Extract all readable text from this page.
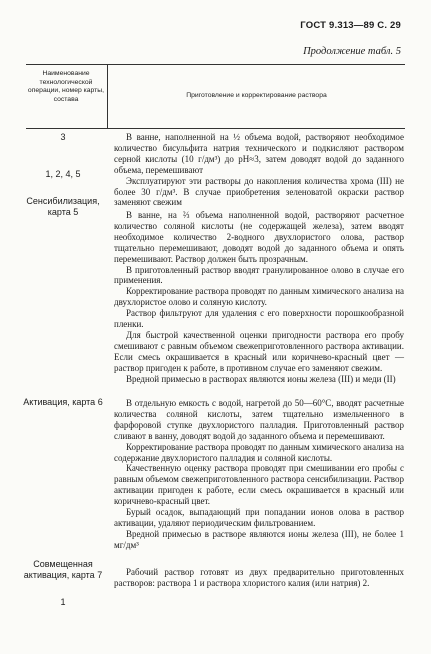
ГОСТ 9.313—89 С. 29
Продолжение табл. 5
Наименование технологической операции, номер карты, состава	Приготовление и корректирование раствора
3
1, 2, 4, 5
Сенсибилизация, карта 5
Активация, карта 6
Совмещенная активация, карта 7
1

В ванне, наполненной на ½ объема водой, растворяют необходимое количество бисульфита натрия технического и подкисляют раствором серной кислоты (10 г/дм³) до pH≈3, затем доводят водой до заданного объема, перемешивают

Эксплуатируют эти растворы до накопления количества хрома (III) не более 30 г/дм³. В случае приобретения зеленоватой окраски раствор заменяют свежим

В ванне, на ⅔ объема наполненной водой, растворяют расчетное количество соляной кислоты (не содержащей железа), затем вводят необходимое количество 2-водного двухлористого олова, раствор тщательно перемешивают, доводят водой до заданного объема и опять перемешивают. Раствор должен быть прозрачным.

В приготовленный раствор вводят гранулированное олово в случае его применения.

Корректирование раствора проводят по данным химического анализа на двухлористое олово и соляную кислоту.

Раствор фильтруют для удаления с его поверхности порошкообразной пленки.

Для быстрой качественной оценки пригодности раствора его пробу смешивают с равным объемом свежеприготовленного раствора активации. Если смесь окрашивается в красный или коричнево-красный цвет — раствор пригоден к работе, в противном случае его заменяют свежим.

Вредной примесью в растворах являются ионы железа (III) и меди (II)

В отдельную емкость с водой, нагретой до 50—60°С, вводят расчетные количества соляной кислоты, затем тщательно измельченного в фарфоровой ступке двухлористого палладия. Приготовленный раствор сливают в ванну, доводят водой до заданного объема и перемешивают.

Корректирование раствора проводят по данным химического анализа на содержание двухлористого палладия и соляной кислоты.

Качественную оценку раствора проводят при смешивании его пробы с равным объемом свежеприготовленного раствора сенсибилизации. Раствор активации пригоден к работе, если смесь окрашивается в красный или коричнево-красный цвет.

Бурый осадок, выпадающий при попадании ионов олова в раствор активации, удаляют периодическим фильтрованием.

Вредной примесью в растворе являются ионы железа (III), не более 1 мг/дм³

Рабочий раствор готовят из двух предварительно приготовленных растворов: раствора 1 и раствора хлористого калия (или натрия) 2.
